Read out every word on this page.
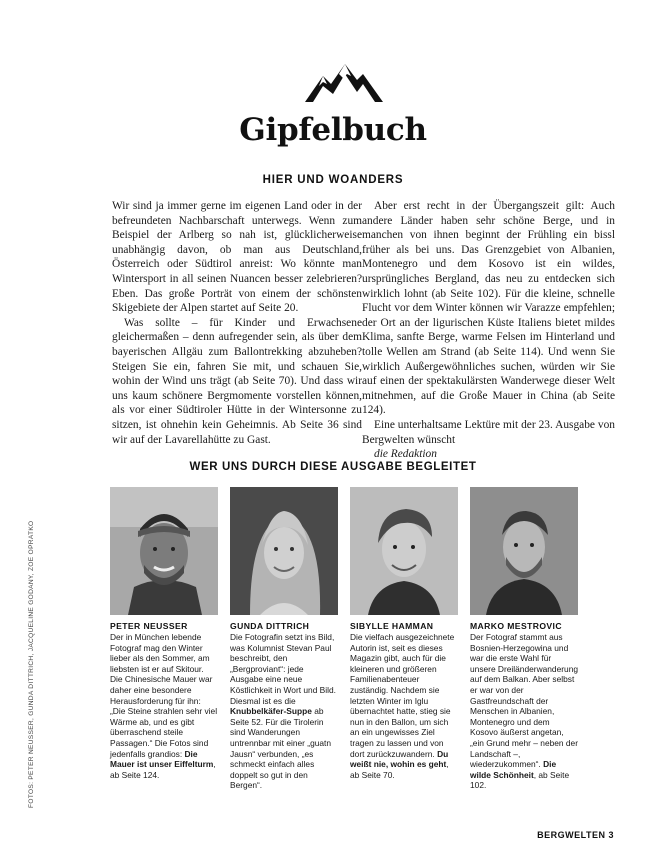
Gipfelbuch
HIER UND WOANDERS

Wir sind ja immer gerne im eigenen Land oder in der befreundeten Nachbarschaft unterwegs. Wenn zum Beispiel der Arlberg so nah ist, glücklicherweise unabhängig davon, ob man aus Deutschland, Österreich oder Südtirol anreist: Wo könnte man Wintersport in all seinen Nuancen besser zelebrieren? Eben. Das große Porträt von einem der schönsten Skigebiete der Alpen startet auf Seite 20.

Was sollte – für Kinder und Erwachsene gleichermaßen – denn aufregender sein, als über dem bayerischen Allgäu zum Ballontrekking abzuheben? Steigen Sie ein, fahren Sie mit, und schauen Sie, wohin der Wind uns trägt (ab Seite 70). Und dass wir uns kaum schönere Bergmomente vorstellen können, als vor einer Südtiroler Hütte in der Wintersonne zu sitzen, ist ohnehin kein Geheimnis. Ab Seite 36 sind wir auf der Lavarellahütte zu Gast.

Aber erst recht in der Übergangszeit gilt: Auch andere Länder haben sehr schöne Berge, und in manchen von ihnen beginnt der Frühling ein bissl früher als bei uns. Das Grenzgebiet von Albanien, Montenegro und dem Kosovo ist ein wildes, ursprüngliches Bergland, das neu zu entdecken sich wirklich lohnt (ab Seite 102). Für die kleine, schnelle Flucht vor dem Winter können wir Varazze empfehlen; der Ort an der ligurischen Küste Italiens bietet mildes Klima, sanfte Berge, warme Felsen im Hinterland und tolle Wellen am Strand (ab Seite 114). Und wenn Sie wirklich Außergewöhnliches suchen, würden wir Sie auf einen der spektakulärsten Wanderwege dieser Welt mitnehmen, auf die Große Mauer in China (ab Seite 124).

Eine unterhaltsame Lektüre mit der 23. Ausgabe von Bergwelten wünscht

die Redaktion
WER UNS DURCH DIESE AUSGABE BEGLEITET
FOTOS: PETER NEUSSER, GUNDA DITTRICH, JACQUELINE GODANY, ZOE OPRATKO	PETER NEUSSER
Der in München lebende Fotograf mag den Winter lieber als den Sommer, am liebsten ist er auf Skitour. Die Chinesische Mauer war daher eine besondere Herausforderung für ihn: „Die Steine strahlen sehr viel Wärme ab, und es gibt überraschend steile Passagen.“ Die Fotos sind jedenfalls grandios: Die Mauer ist unser Eiffelturm, ab Seite 124.
GUNDA DITTRICH
Die Fotografin setzt ins Bild, was Kolumnist Stevan Paul beschreibt, den „Bergproviant“: jede Ausgabe eine neue Köstlichkeit in Wort und Bild. Diesmal ist es die Knubbelkäfer-Suppe ab Seite 52. Für die Tirolerin sind Wanderungen untrennbar mit einer „guatn Jausn“ verbunden, „es schmeckt einfach alles doppelt so gut in den Bergen“.
SIBYLLE HAMMAN
Die vielfach ausgezeichnete Autorin ist, seit es dieses Magazin gibt, auch für die kleineren und größeren Familienabenteuer zuständig. Nachdem sie letzten Winter im Iglu übernachtet hatte, stieg sie nun in den Ballon, um sich an ein ungewisses Ziel tragen zu lassen und von dort zurückzuwandern. Du weißt nie, wohin es geht, ab Seite 70.
MARKO MESTROVIC
Der Fotograf stammt aus Bosnien-Herzegowina und war die erste Wahl für unsere Dreiländerwanderung auf dem Balkan. Aber selbst er war von der Gastfreundschaft der Menschen in Albanien, Montenegro und dem Kosovo äußerst angetan, „ein Grund mehr – neben der Landschaft –, wiederzukommen“. Die wilde Schönheit, ab Seite 102.
BERGWELTEN 3
